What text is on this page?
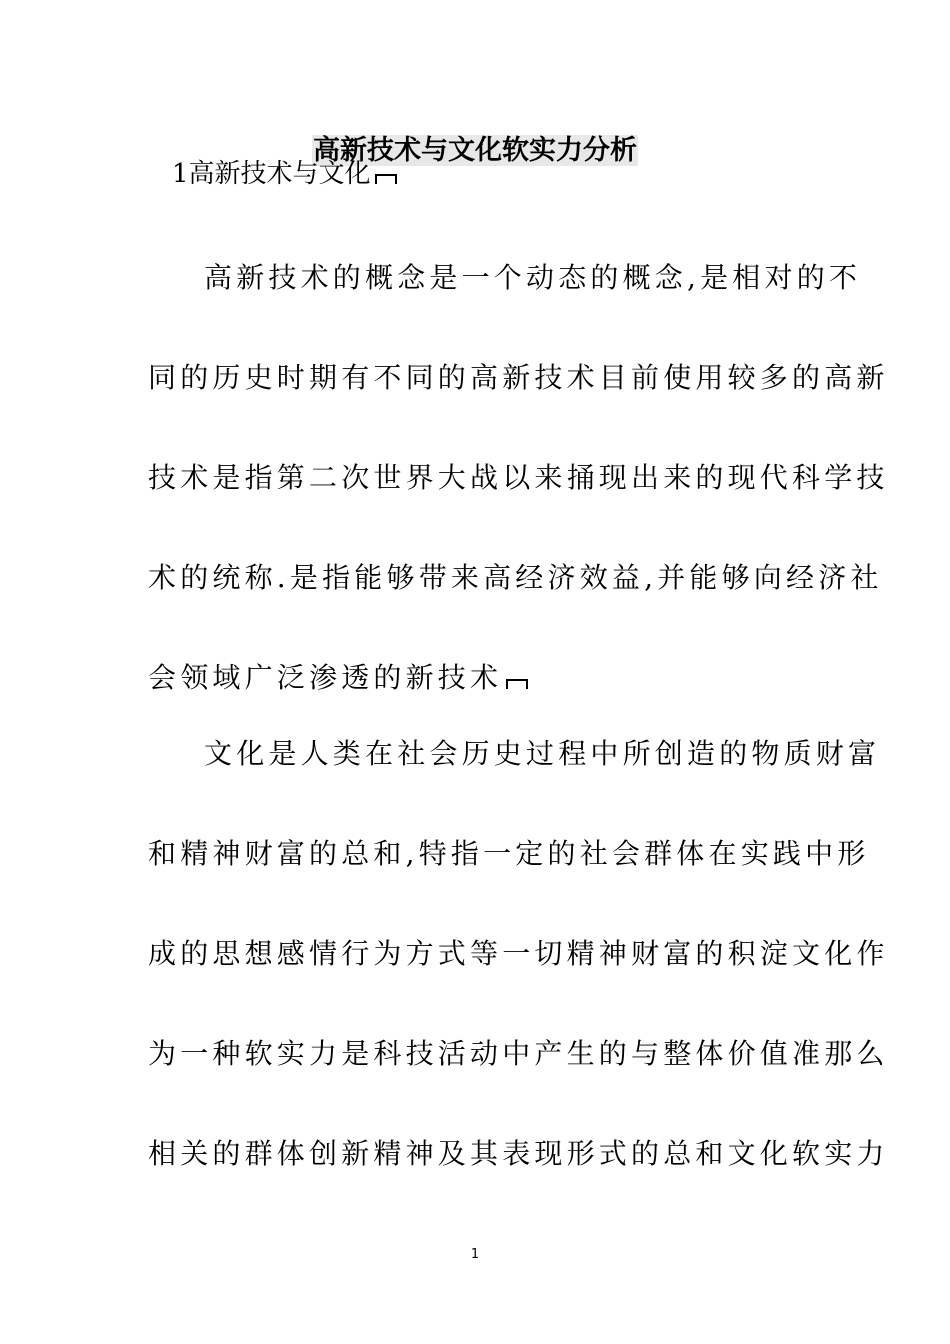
高新技术与文化软实力分析
1高新技术与文化
高新技术的概念是一个动态的概念,是相对的不
同的历史时期有不同的高新技术目前使用较多的高新
技术是指第二次世界大战以来捅现出来的现代科学技
术的统称.是指能够带来高经济效益,并能够向经济社
会领域广泛渗透的新技术
文化是人类在社会历史过程中所创造的物质财富
和精神财富的总和,特指一定的社会群体在实践中形
成的思想感情行为方式等一切精神财富的积淀文化作
为一种软实力是科技活动中产生的与整体价值准那么
相关的群体创新精神及其表现形式的总和文化软实力
1
